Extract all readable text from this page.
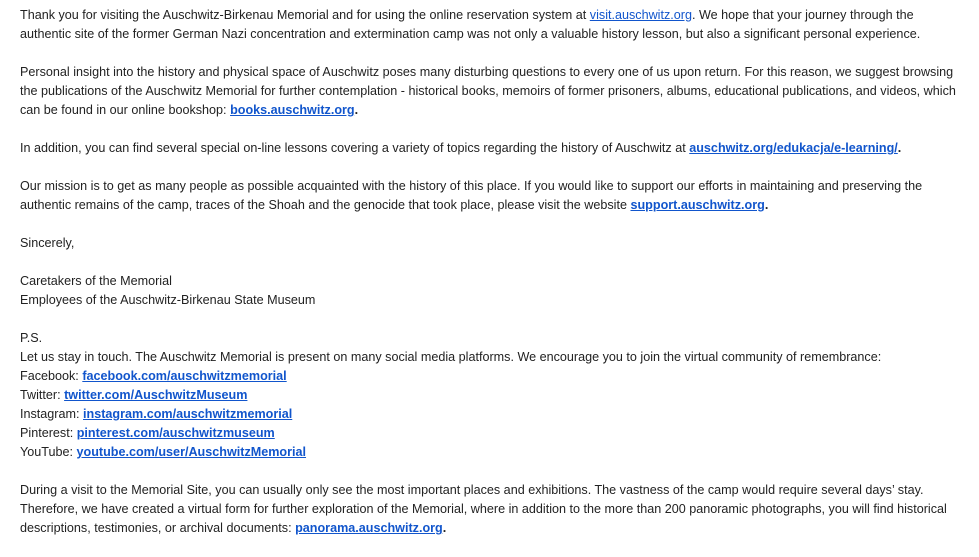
Thank you for visiting the Auschwitz-Birkenau Memorial and for using the online reservation system at visit.auschwitz.org. We hope that your journey through the authentic site of the former German Nazi concentration and extermination camp was not only a valuable history lesson, but also a significant personal experience.

Personal insight into the history and physical space of Auschwitz poses many disturbing questions to every one of us upon return. For this reason, we suggest browsing the publications of the Auschwitz Memorial for further contemplation - historical books, memoirs of former prisoners, albums, educational publications, and videos, which can be found in our online bookshop: books.auschwitz.org.

In addition, you can find several special on-line lessons covering a variety of topics regarding the history of Auschwitz at auschwitz.org/edukacja/e-learning/.

Our mission is to get as many people as possible acquainted with the history of this place. If you would like to support our efforts in maintaining and preserving the authentic remains of the camp, traces of the Shoah and the genocide that took place, please visit the website support.auschwitz.org.

Sincerely,

Caretakers of the Memorial

Employees of the Auschwitz-Birkenau State Museum

P.S.

Let us stay in touch. The Auschwitz Memorial is present on many social media platforms. We encourage you to join the virtual community of remembrance:

Facebook: facebook.com/auschwitzmemorial
Twitter: twitter.com/AuschwitzMuseum
Instagram: instagram.com/auschwitzmemorial
Pinterest: pinterest.com/auschwitzmuseum
YouTube: youtube.com/user/AuschwitzMemorial

During a visit to the Memorial Site, you can usually only see the most important places and exhibitions. The vastness of the camp would require several days’ stay. Therefore, we have created a virtual form for further exploration of the Memorial, where in addition to the more than 200 panoramic photographs, you will find historical descriptions, testimonies, or archival documents: panorama.auschwitz.org.
